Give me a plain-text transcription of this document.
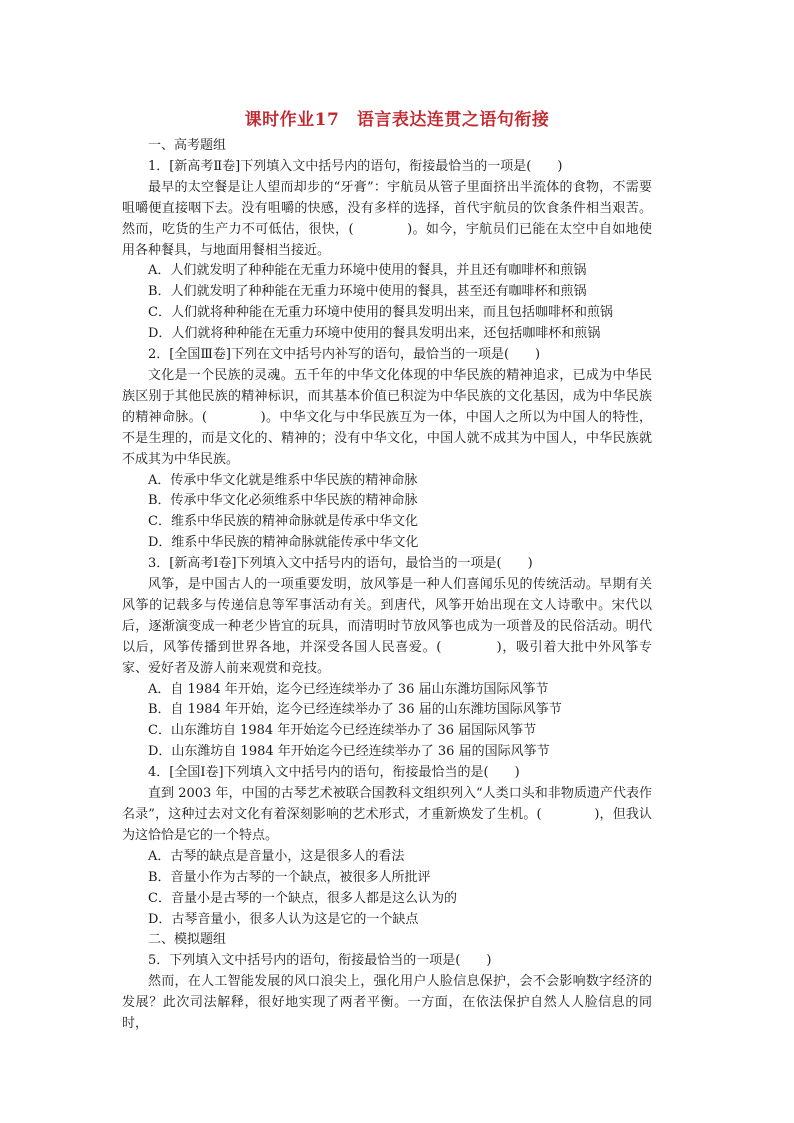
课时作业17　语言表达连贯之语句衔接

一、高考题组

1．[新高考Ⅱ卷]下列填入文中括号内的语句，衔接最恰当的一项是(　　)

最早的太空餐是让人望而却步的“牙膏”：宇航员从管子里面挤出半流体的食物，不需要咀嚼便直接咽下去。没有咀嚼的快感，没有多样的选择，首代宇航员的饮食条件相当艰苦。然而，吃货的生产力不可低估，很快，(　　　　)。如今，宇航员们已能在太空中自如地使用各种餐具，与地面用餐相当接近。

A．人们就发明了种种能在无重力环境中使用的餐具，并且还有咖啡杯和煎锅

B．人们就发明了种种能在无重力环境中使用的餐具，甚至还有咖啡杯和煎锅

C．人们就将种种能在无重力环境中使用的餐具发明出来，而且包括咖啡杯和煎锅

D．人们就将种种能在无重力环境中使用的餐具发明出来，还包括咖啡杯和煎锅

2．[全国Ⅲ卷]下列在文中括号内补写的语句，最恰当的一项是(　　)

文化是一个民族的灵魂。五千年的中华文化体现的中华民族的精神追求，已成为中华民族区别于其他民族的精神标识，而其基本价值已积淀为中华民族的文化基因，成为中华民族的精神命脉。(　　　　)。中华文化与中华民族互为一体，中国人之所以为中国人的特性，不是生理的，而是文化的、精神的；没有中华文化，中国人就不成其为中国人，中华民族就不成其为中华民族。

A．传承中华文化就是维系中华民族的精神命脉

B．传承中华文化必须维系中华民族的精神命脉

C．维系中华民族的精神命脉就是传承中华文化

D．维系中华民族的精神命脉就能传承中华文化

3．[新高考Ⅰ卷]下列填入文中括号内的语句，最恰当的一项是(　　)

风筝，是中国古人的一项重要发明，放风筝是一种人们喜闻乐见的传统活动。早期有关风筝的记载多与传递信息等军事活动有关。到唐代，风筝开始出现在文人诗歌中。宋代以后，逐渐演变成一种老少皆宜的玩具，而清明时节放风筝也成为一项普及的民俗活动。明代以后，风筝传播到世界各地，并深受各国人民喜爱。(　　　　)，吸引着大批中外风筝专家、爱好者及游人前来观赏和竞技。

A．自 1984 年开始，迄今已经连续举办了 36 届山东潍坊国际风筝节

B．自 1984 年开始，迄今已经连续举办了 36 届的山东潍坊国际风筝节

C．山东潍坊自 1984 年开始迄今已经连续举办了 36 届国际风筝节

D．山东潍坊自 1984 年开始迄今已经连续举办了 36 届的国际风筝节

4．[全国Ⅰ卷]下列填入文中括号内的语句，衔接最恰当的是(　　)

直到 2003 年，中国的古琴艺术被联合国教科文组织列入“人类口头和非物质遗产代表作名录”，这种过去对文化有着深刻影响的艺术形式，才重新焕发了生机。(　　　　)，但我认为这恰恰是它的一个特点。

A．古琴的缺点是音量小，这是很多人的看法

B．音量小作为古琴的一个缺点，被很多人所批评

C．音量小是古琴的一个缺点，很多人都是这么认为的

D．古琴音量小，很多人认为这是它的一个缺点

二、模拟题组

5．下列填入文中括号内的语句，衔接最恰当的一项是(　　)

然而，在人工智能发展的风口浪尖上，强化用户人脸信息保护，会不会影响数字经济的发展？此次司法解释，很好地实现了两者平衡。一方面，在依法保护自然人人脸信息的同时，
